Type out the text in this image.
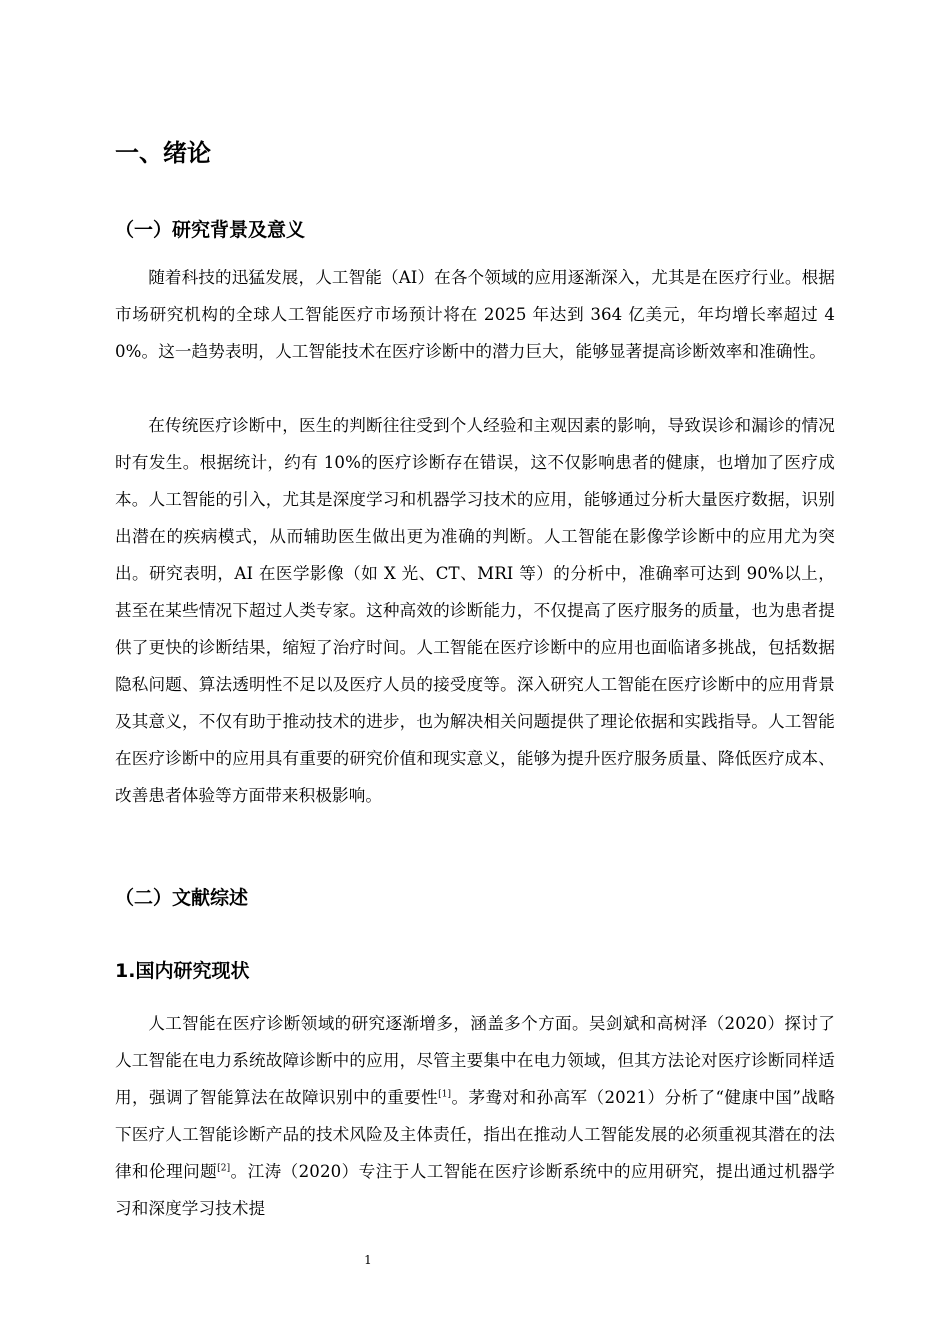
一、绪论
（一）研究背景及意义

随着科技的迅猛发展，人工智能（AI）在各个领域的应用逐渐深入，尤其是在医疗行业。根据市场研究机构的全球人工智能医疗市场预计将在 2025 年达到 364 亿美元，年均增长率超过 40%。这一趋势表明，人工智能技术在医疗诊断中的潜力巨大，能够显著提高诊断效率和准确性。

在传统医疗诊断中，医生的判断往往受到个人经验和主观因素的影响，导致误诊和漏诊的情况时有发生。根据统计，约有 10%的医疗诊断存在错误，这不仅影响患者的健康，也增加了医疗成本。人工智能的引入，尤其是深度学习和机器学习技术的应用，能够通过分析大量医疗数据，识别出潜在的疾病模式，从而辅助医生做出更为准确的判断。人工智能在影像学诊断中的应用尤为突出。研究表明，AI 在医学影像（如 X 光、CT、MRI 等）的分析中，准确率可达到 90%以上，甚至在某些情况下超过人类专家。这种高效的诊断能力，不仅提高了医疗服务的质量，也为患者提供了更快的诊断结果，缩短了治疗时间。人工智能在医疗诊断中的应用也面临诸多挑战，包括数据隐私问题、算法透明性不足以及医疗人员的接受度等。深入研究人工智能在医疗诊断中的应用背景及其意义，不仅有助于推动技术的进步，也为解决相关问题提供了理论依据和实践指导。人工智能在医疗诊断中的应用具有重要的研究价值和现实意义，能够为提升医疗服务质量、降低医疗成本、改善患者体验等方面带来积极影响。

（二）文献综述
1.国内研究现状

人工智能在医疗诊断领域的研究逐渐增多，涵盖多个方面。吴剑斌和高树泽（2020）探讨了人工智能在电力系统故障诊断中的应用，尽管主要集中在电力领域，但其方法论对医疗诊断同样适用，强调了智能算法在故障识别中的重要性[1]。茅鸯对和孙高军（2021）分析了“健康中国”战略下医疗人工智能诊断产品的技术风险及主体责任，指出在推动人工智能发展的必须重视其潜在的法律和伦理问题[2]。江涛（2020）专注于人工智能在医疗诊断系统中的应用研究，提出通过机器学习和深度学习技术提

1
